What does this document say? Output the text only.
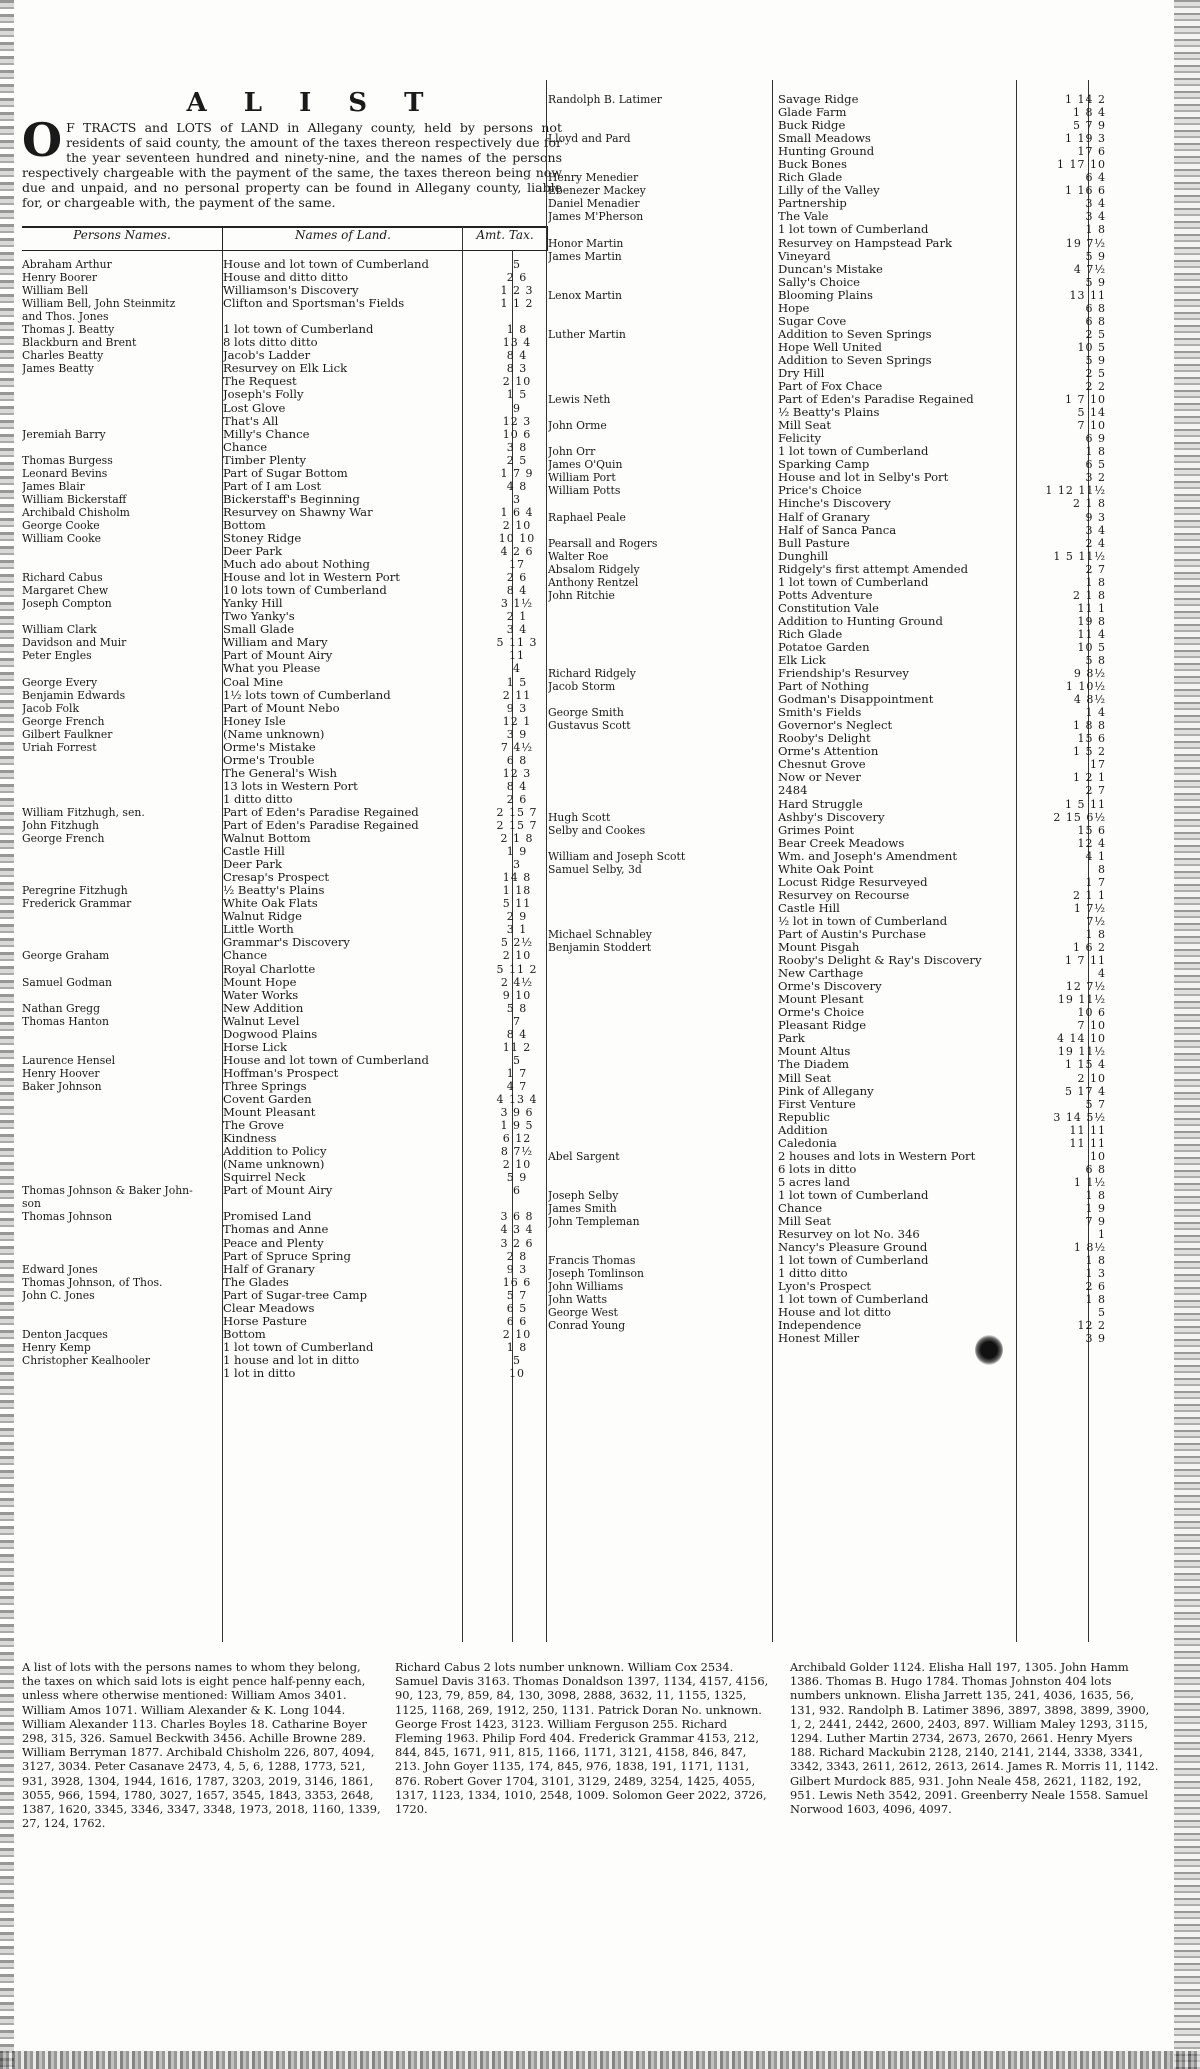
A L I S T

O F TRACTS and LOTS of LAND in Allegany county, held by persons not residents of said county, the amount of the taxes thereon respectively due for the year seventeen hundred and ninety-nine, and the names of the persons respectively chargeable with the payment of the same, the taxes thereon being now due and unpaid, and no personal property can be found in Allegany county, liable for, or chargeable with, the payment of the same.

Persons Names.	Names of Land.	Amt. Tax.
Abraham Arthur	House and lot town of Cumberland	5
Henry Boorer	House and ditto ditto	2 6
William Bell	Williamson's Discovery	1 2 3
William Bell, John Steinmitz	Clifton and Sportsman's Fields	1 1 2
and Thos. Jones
Thomas J. Beatty	1 lot town of Cumberland	1 8
Blackburn and Brent	8 lots ditto ditto	13 4
Charles Beatty	Jacob's Ladder	8 4
James Beatty	Resurvey on Elk Lick	8 3
The Request	2 10
Joseph's Folly	1 5
Lost Glove	9
That's All	12 3
Jeremiah Barry	Milly's Chance	10 6
Chance	3 8
Thomas Burgess	Timber Plenty	2 5
Leonard Bevins	Part of Sugar Bottom	1 7 9
James Blair	Part of I am Lost	4 8
William Bickerstaff	Bickerstaff's Beginning	3
Archibald Chisholm	Resurvey on Shawny War	1 6 4
George Cooke	Bottom	2 10
William Cooke	Stoney Ridge	10 10
Deer Park	4 2 6
Much ado about Nothing	17
Richard Cabus	House and lot in Western Port	2 6
Margaret Chew	10 lots town of Cumberland	8 4
Joseph Compton	Yanky Hill	3 1½
Two Yanky's	2 1
William Clark	Small Glade	3 4
Davidson and Muir	William and Mary	5 11 3
Peter Engles	Part of Mount Airy	11
What you Please	4
George Every	Coal Mine	1 5
Benjamin Edwards	1½ lots town of Cumberland	2 11
Jacob Folk	Part of Mount Nebo	9 3
George French	Honey Isle	12 1
Gilbert Faulkner	(Name unknown)	3 9
Uriah Forrest	Orme's Mistake	7 4½
Orme's Trouble	6 8
The General's Wish	12 3
13 lots in Western Port	8 4
1 ditto ditto	2 6
William Fitzhugh, sen.	Part of Eden's Paradise Regained	2 15 7
John Fitzhugh	Part of Eden's Paradise Regained	2 15 7
George French	Walnut Bottom	2 1 8
Castle Hill	1 9
Deer Park	3
Cresap's Prospect	14 8
Peregrine Fitzhugh	½ Beatty's Plains	1 18
Frederick Grammar	White Oak Flats	5 11
Walnut Ridge	2 9
Little Worth	3 1
Grammar's Discovery	5 2½
George Graham	Chance	2 10
Royal Charlotte	5 11 2
Samuel Godman	Mount Hope	2 4½
Water Works	9 10
Nathan Gregg	New Addition	5 8
Thomas Hanton	Walnut Level	7
Dogwood Plains	8 4
Horse Lick	11 2
Laurence Hensel	House and lot town of Cumberland	5
Henry Hoover	Hoffman's Prospect	1 7
Baker Johnson	Three Springs	4 7
Covent Garden	4 13 4
Mount Pleasant	3 9 6
The Grove	1 9 5
Kindness	6 12
Addition to Policy	8 7½
(Name unknown)	2 10
Squirrel Neck	5 9
Thomas Johnson & Baker John-	Part of Mount Airy	6
son
Thomas Johnson	Promised Land	3 6 8
Thomas and Anne	4 3 4
Peace and Plenty	3 2 6
Part of Spruce Spring	2 8
Edward Jones	Half of Granary	9 3
Thomas Johnson, of Thos.	The Glades	16 6
John C. Jones	Part of Sugar-tree Camp	5 7
Clear Meadows	6 5
Horse Pasture	6 6
Denton Jacques	Bottom	2 10
Henry Kemp	1 lot town of Cumberland	1 8
Christopher Kealhooler	1 house and lot in ditto	5
1 lot in ditto	10
Randolph B. Latimer	Savage Ridge	1 14 2
Glade Farm	1 8 4
Buck Ridge	5 7 9
Lloyd and Pard	Small Meadows	1 19 3
Hunting Ground	17 6
Buck Bones	1 17 10
Henry Menedier	Rich Glade	6 4
Ebenezer Mackey	Lilly of the Valley	1 16 6
Daniel Menadier	Partnership	3 4
James M'Pherson	The Vale	3 4
1 lot town of Cumberland	1 8
Honor Martin	Resurvey on Hampstead Park	19 7½
James Martin	Vineyard	5 9
Duncan's Mistake	4 7½
Sally's Choice	5 9
Lenox Martin	Blooming Plains	13 11
Hope	6 8
Sugar Cove	6 8
Luther Martin	Addition to Seven Springs	2 5
Hope Well United	10 5
Addition to Seven Springs	5 9
Dry Hill	2 5
Part of Fox Chace	2 2
Lewis Neth	Part of Eden's Paradise Regained	1 7 10
½ Beatty's Plains	5 14
John Orme	Mill Seat	7 10
Felicity	6 9
John Orr	1 lot town of Cumberland	1 8
James O'Quin	Sparking Camp	6 5
William Port	House and lot in Selby's Port	3 2
William Potts	Price's Choice	1 12 11½
Hinche's Discovery	2 1 8
Raphael Peale	Half of Granary	9 3
Half of Sanca Panca	3 4
Pearsall and Rogers	Bull Pasture	2 4
Walter Roe	Dunghill	1 5 11½
Absalom Ridgely	Ridgely's first attempt Amended	2 7
Anthony Rentzel	1 lot town of Cumberland	1 8
John Ritchie	Potts Adventure	2 1 8
Constitution Vale	11 1
Addition to Hunting Ground	19 8
Rich Glade	11 4
Potatoe Garden	10 5
Elk Lick	5 8
Richard Ridgely	Friendship's Resurvey	9 8½
Jacob Storm	Part of Nothing	1 10½
Godman's Disappointment	4 8½
George Smith	Smith's Fields	1 4
Gustavus Scott	Governor's Neglect	1 8 8
Rooby's Delight	15 6
Orme's Attention	1 5 2
Chesnut Grove	17
Now or Never	1 2 1
2484	2 7
Hard Struggle	1 5 11
Hugh Scott	Ashby's Discovery	2 15 6½
Selby and Cookes	Grimes Point	15 6
Bear Creek Meadows	12 4
William and Joseph Scott	Wm. and Joseph's Amendment	4 1
Samuel Selby, 3d	White Oak Point	8
Locust Ridge Resurveyed	1 7
Resurvey on Recourse	2 1 1
Castle Hill	1 7½
½ lot in town of Cumberland	7½
Michael Schnabley	Part of Austin's Purchase	1 8
Benjamin Stoddert	Mount Pisgah	1 6 2
Rooby's Delight & Ray's Discovery	1 7 11
New Carthage	4
Orme's Discovery	12 7½
Mount Plesant	19 11½
Orme's Choice	10 6
Pleasant Ridge	7 10
Park	4 14 10
Mount Altus	19 11½
The Diadem	1 15 4
Mill Seat	2 10
Pink of Allegany	5 17 4
First Venture	5 7
Republic	3 14 5½
Addition	11 11
Caledonia	11 11
Abel Sargent	2 houses and lots in Western Port	10
6 lots in ditto	6 8
5 acres land	1 1½
Joseph Selby	1 lot town of Cumberland	1 8
James Smith	Chance	1 9
John Templeman	Mill Seat	7 9
Resurvey on lot No. 346	1
Nancy's Pleasure Ground	1 8½
Francis Thomas	1 lot town of Cumberland	1 8
Joseph Tomlinson	1 ditto ditto	1 3
John Williams	Lyon's Prospect	2 6
John Watts	1 lot town of Cumberland	1 8
George West	House and lot ditto	5
Conrad Young	Independence	12 2
Honest Miller	3 9

A list of lots with the persons names to whom they belong, the taxes on which said lots is eight pence half-penny each, unless where otherwise mentioned: William Amos 3401. William Amos 1071. William Alexander & K. Long 1044. William Alexander 113. Charles Boyles 18. Catharine Boyer 298, 315, 326. Samuel Beckwith 3456. Achille Browne 289. William Berryman 1877. Archibald Chisholm 226, 807, 4094, 3127, 3034. Peter Casanave 2473, 4, 5, 6, 1288, 1773, 521, 931, 3928, 1304, 1944, 1616, 1787, 3203, 2019, 3146, 1861, 3055, 966, 1594, 1780, 3027, 1657, 3545, 1843, 3353, 2648, 1387, 1620, 3345, 3346, 3347, 3348, 1973, 2018, 1160, 1339, 27, 124, 1762.

Richard Cabus 2 lots number unknown. William Cox 2534. Samuel Davis 3163. Thomas Donaldson 1397, 1134, 4157, 4156, 90, 123, 79, 859, 84, 130, 3098, 2888, 3632, 11, 1155, 1325, 1125, 1168, 269, 1912, 250, 1131. Patrick Doran No. unknown. George Frost 1423, 3123. William Ferguson 255. Richard Fleming 1963. Philip Ford 404. Frederick Grammar 4153, 212, 844, 845, 1671, 911, 815, 1166, 1171, 3121, 4158, 846, 847, 213. John Goyer 1135, 174, 845, 976, 1838, 191, 1171, 1131, 876. Robert Gover 1704, 3101, 3129, 2489, 3254, 1425, 4055, 1317, 1123, 1334, 1010, 2548, 1009. Solomon Geer 2022, 3726, 1720.

Archibald Golder 1124. Elisha Hall 197, 1305. John Hamm 1386. Thomas B. Hugo 1784. Thomas Johnston 404 lots numbers unknown. Elisha Jarrett 135, 241, 4036, 1635, 56, 131, 932. Randolph B. Latimer 3896, 3897, 3898, 3899, 3900, 1, 2, 2441, 2442, 2600, 2403, 897. William Maley 1293, 3115, 1294. Luther Martin 2734, 2673, 2670, 2661. Henry Myers 188. Richard Mackubin 2128, 2140, 2141, 2144, 3338, 3341, 3342, 3343, 2611, 2612, 2613, 2614. James R. Morris 11, 1142. Gilbert Murdock 885, 931. John Neale 458, 2621, 1182, 192, 951. Lewis Neth 3542, 2091. Greenberry Neale 1558. Samuel Norwood 1603, 4096, 4097.
